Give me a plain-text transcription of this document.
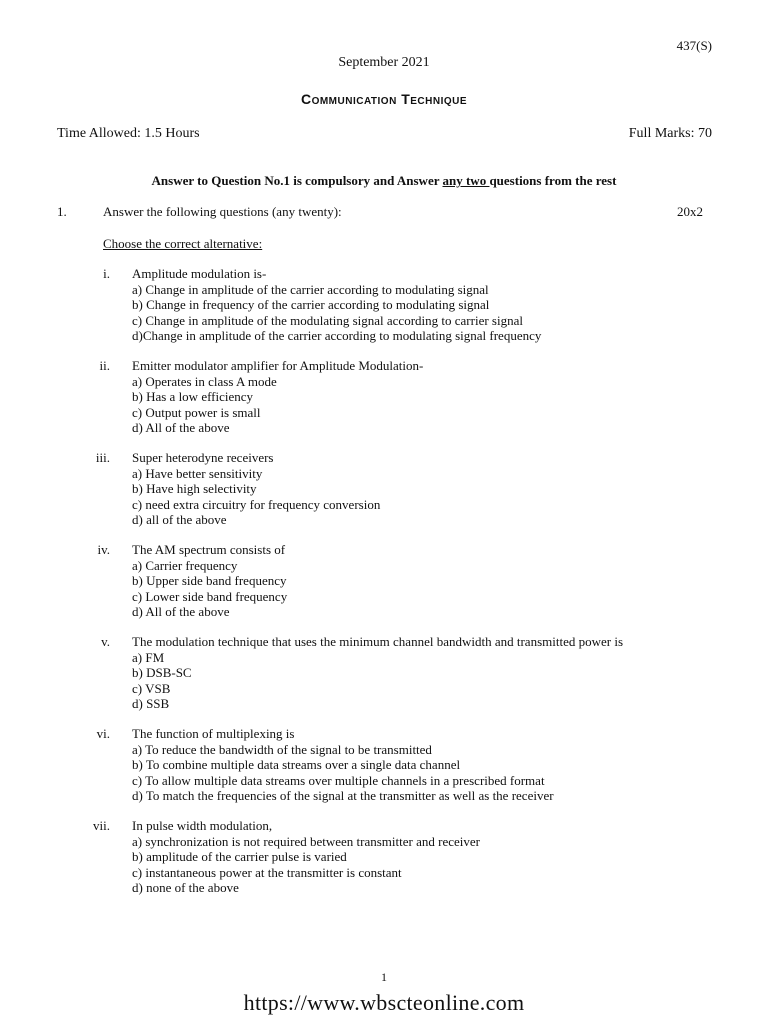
437(S)
September 2021
Communication Technique
Time Allowed: 1.5 Hours	Full Marks: 70
Answer to Question No.1 is compulsory and Answer any two questions from the rest
1.	Answer the following questions (any twenty):	20x2
Choose the correct alternative:
i. Amplitude modulation is-
a) Change in amplitude of the carrier according to modulating signal
b) Change in frequency of the carrier according to modulating signal
c) Change in amplitude of the modulating signal according to carrier signal
d)Change in amplitude of the carrier according to modulating signal frequency
ii. Emitter modulator amplifier for Amplitude Modulation-
a) Operates in class A mode
b) Has a low efficiency
c) Output power is small
d) All of the above
iii. Super heterodyne receivers
a) Have better sensitivity
b) Have high selectivity
c) need extra circuitry for frequency conversion
d) all of the above
iv. The AM spectrum consists of
a) Carrier frequency
b) Upper side band frequency
c) Lower side band frequency
d) All of the above
v. The modulation technique that uses the minimum channel bandwidth and transmitted power is
a) FM
b) DSB-SC
c) VSB
d) SSB
vi. The function of multiplexing is
a) To reduce the bandwidth of the signal to be transmitted
b) To combine multiple data streams over a single data channel
c) To allow multiple data streams over multiple channels in a prescribed format
d) To match the frequencies of the signal at the transmitter as well as the receiver
vii. In pulse width modulation,
a) synchronization is not required between transmitter and receiver
b) amplitude of the carrier pulse is varied
c) instantaneous power at the transmitter is constant
d) none of the above
1
https://www.wbscteonline.com
